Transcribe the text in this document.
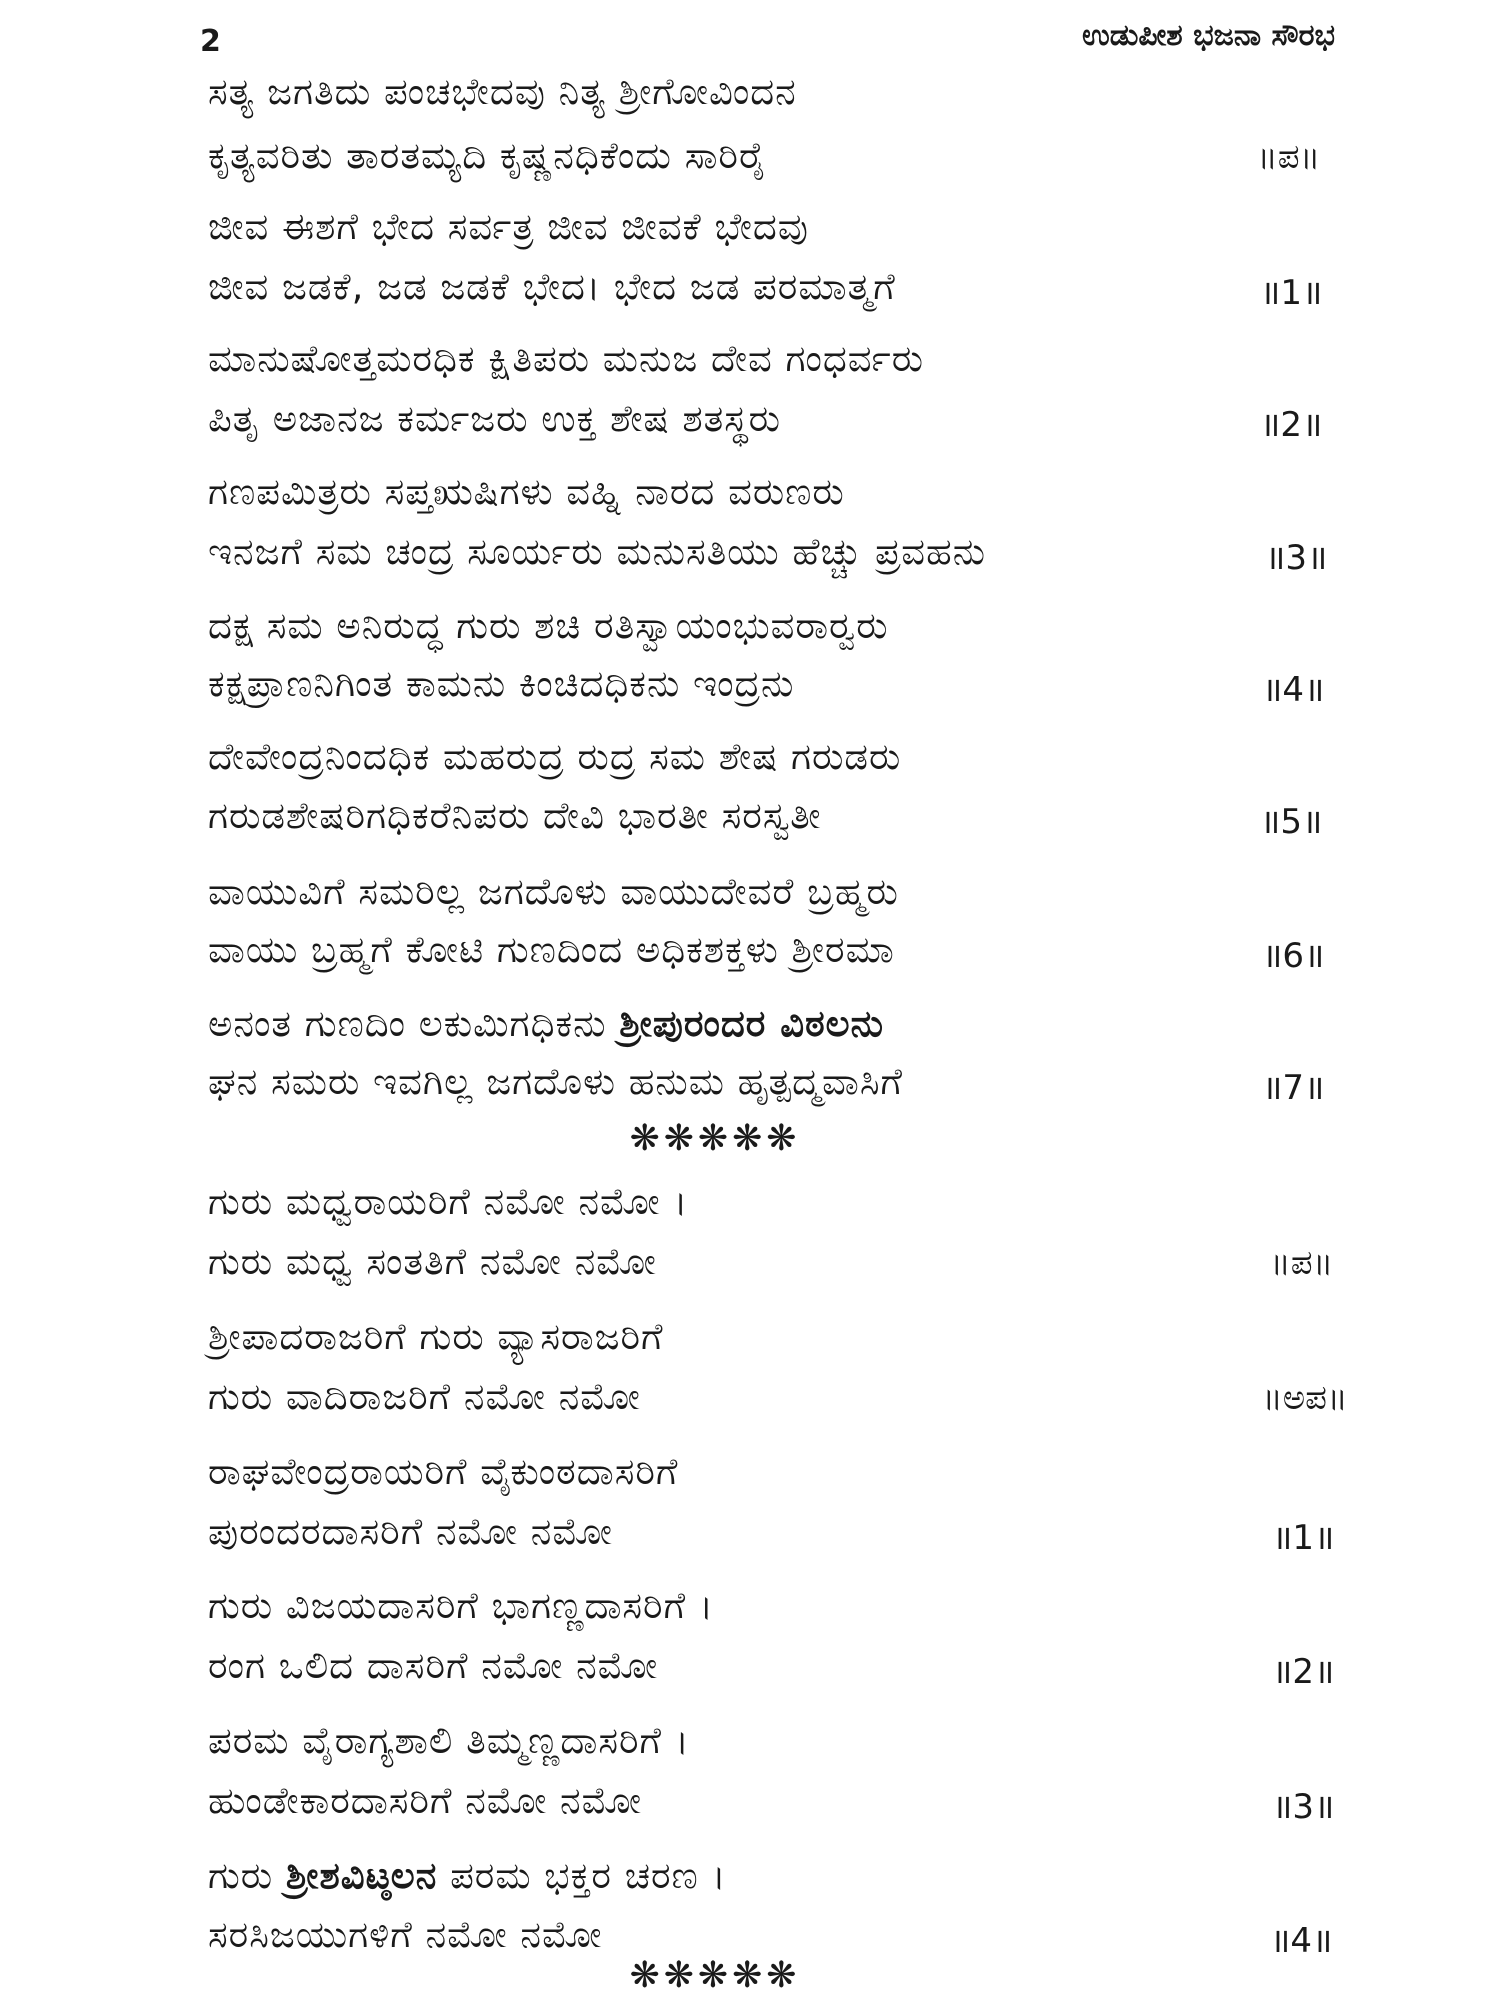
2	ಉಡುಪೀಶ ಭಜನಾ ಸೌರಭ
ಸತ್ಯ ಜಗತಿದು ಪಂಚಭೇದವು ನಿತ್ಯ ಶ್ರೀಗೋವಿಂದನ
ಕೃತ್ಯವರಿತು ತಾರತಮ್ಯದಿ ಕೃಷ್ಣನಧಿಕೆಂದು ಸಾರಿರೈ	॥ಪ॥
ಜೀವ ಈಶಗೆ ಭೇದ ಸರ್ವತ್ರ ಜೀವ ಜೀವಕೆ ಭೇದವು
ಜೀವ ಜಡಕೆ, ಜಡ ಜಡಕೆ ಭೇದ। ಭೇದ ಜಡ ಪರಮಾತ್ಮಗೆ	॥1॥
ಮಾನುಷೋತ್ತಮರಧಿಕ ಕ್ಷಿತಿಪರು ಮನುಜ ದೇವ ಗಂಧರ್ವರು
ಪಿತೃ ಅಜಾನಜ ಕರ್ಮಜರು ಉಕ್ತ ಶೇಷ ಶತಸ್ಥರು	॥2॥
ಗಣಪಮಿತ್ರರು ಸಪ್ತಋಷಿಗಳು ವಹ್ನಿ ನಾರದ ವರುಣರು
ಇನಜಗೆ ಸಮ ಚಂದ್ರ ಸೂರ್ಯರು ಮನುಸತಿಯು ಹೆಚ್ಚು ಪ್ರವಹನು	॥3॥
ದಕ್ಷ ಸಮ ಅನಿರುದ್ಧ ಗುರು ಶಚಿ ರತಿಸ್ವಾಯಂಭುವರಾರ್‍ವರು
ಕಕ್ಷಪ್ರಾಣನಿಗಿಂತ ಕಾಮನು ಕಿಂಚಿದಧಿಕನು ಇಂದ್ರನು	॥4॥
ದೇವೇಂದ್ರನಿಂದಧಿಕ ಮಹರುದ್ರ ರುದ್ರ ಸಮ ಶೇಷ ಗರುಡರು
ಗರುಡಶೇಷರಿಗಧಿಕರೆನಿಪರು ದೇವಿ ಭಾರತೀ ಸರಸ್ವತೀ	॥5॥
ವಾಯುವಿಗೆ ಸಮರಿಲ್ಲ ಜಗದೊಳು ವಾಯುದೇವರೆ ಬ್ರಹ್ಮರು
ವಾಯು ಬ್ರಹ್ಮಗೆ ಕೋಟಿ ಗುಣದಿಂದ ಅಧಿಕಶಕ್ತಳು ಶ್ರೀರಮಾ	॥6॥
ಅನಂತ ಗುಣದಿಂ ಲಕುಮಿಗಧಿಕನು ಶ್ರೀಪುರಂದರ ವಿಠಲನು
ಘನ ಸಮರು ಇವಗಿಲ್ಲ ಜಗದೊಳು ಹನುಮ ಹೃತ್ಪದ್ಮವಾಸಿಗೆ	॥7॥
❋❋❋❋❋
ಗುರು ಮಧ್ವರಾಯರಿಗೆ ನಮೋ ನಮೋ ।
ಗುರು ಮಧ್ವ ಸಂತತಿಗೆ ನಮೋ ನಮೋ	॥ಪ॥
ಶ್ರೀಪಾದರಾಜರಿಗೆ ಗುರು ವ್ಯಾಸರಾಜರಿಗೆ
ಗುರು ವಾದಿರಾಜರಿಗೆ ನಮೋ ನಮೋ	॥ಅಪ॥
ರಾಘವೇಂದ್ರರಾಯರಿಗೆ ವೈಕುಂಠದಾಸರಿಗೆ
ಪುರಂದರದಾಸರಿಗೆ ನಮೋ ನಮೋ	॥1॥
ಗುರು ವಿಜಯದಾಸರಿಗೆ ಭಾಗಣ್ಣದಾಸರಿಗೆ ।
ರಂಗ ಒಲಿದ ದಾಸರಿಗೆ ನಮೋ ನಮೋ	॥2॥
ಪರಮ ವೈರಾಗ್ಯಶಾಲಿ ತಿಮ್ಮಣ್ಣದಾಸರಿಗೆ ।
ಹುಂಡೇಕಾರದಾಸರಿಗೆ ನಮೋ ನಮೋ	॥3॥
ಗುರು ಶ್ರೀಶವಿಟ್ಠಲನ ಪರಮ ಭಕ್ತರ ಚರಣ ।
ಸರಸಿಜಯುಗಳಿಗೆ ನಮೋ ನಮೋ	॥4॥
❋❋❋❋❋
